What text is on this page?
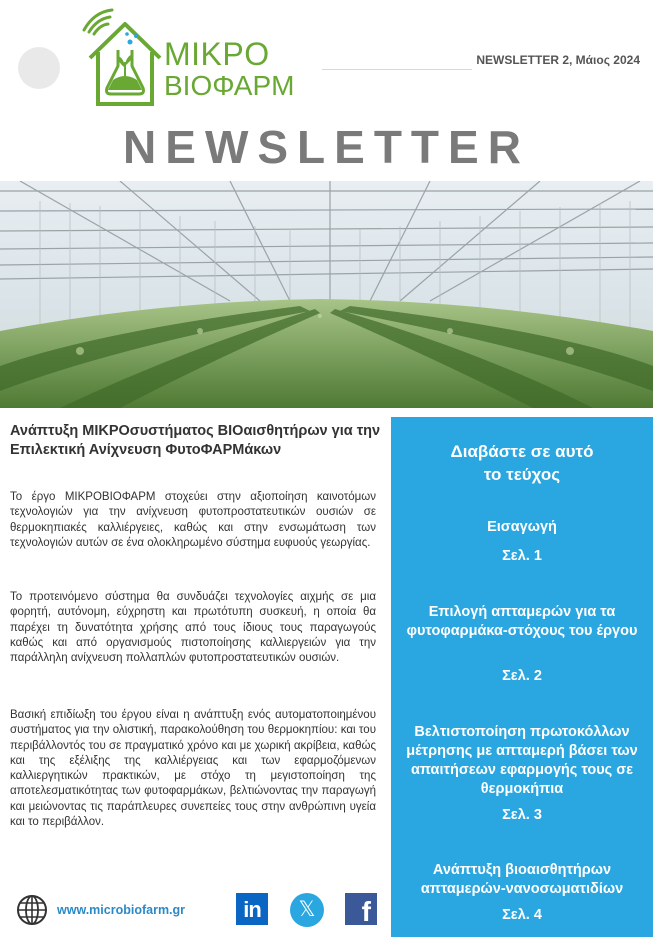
ΜΙΚΡΟ
ΒΙΟΦΑΡΜ
NEWSLETTER 2, Μάιος 2024
NEWSLETTER
Ανάπτυξη ΜΙΚΡΟσυστήματος ΒΙΟαισθητήρων για την Επιλεκτική Ανίχνευση ΦυτοΦΑΡΜάκων

Το έργο ΜΙΚΡΟΒΙΟΦΑΡΜ στοχεύει στην αξιοποίηση καινοτόμων τεχνολογιών για την ανίχνευση φυτοπροστατευτικών ουσιών σε θερμοκηπιακές καλλιέργειες, καθώς και στην ενσωμάτωση των τεχνολογιών αυτών σε ένα ολοκληρωμένο σύστημα ευφυούς γεωργίας.

Το προτεινόμενο σύστημα θα συνδυάζει τεχνολογίες αιχμής σε μια φορητή, αυτόνομη, εύχρηστη και πρωτότυπη συσκευή, η οποία θα παρέχει τη δυνατότητα χρήσης από τους ίδιους τους παραγωγούς καθώς και από οργανισμούς πιστοποίησης καλλιεργειών για την παράλληλη ανίχνευση πολλαπλών φυτοπροστατευτικών ουσιών.

Βασική επιδίωξη του έργου είναι η ανάπτυξη ενός αυτοματοποιημένου συστήματος για την ολιστική, παρακολούθηση του θερμοκηπίου: και του περιβάλλοντός του σε πραγματικό χρόνο και με χωρική ακρίβεια, καθώς και της εξέλιξης της καλλιέργειας και των εφαρμοζόμενων καλλιεργητικών πρακτικών, με στόχο τη μεγιστοποίηση της αποτελεσματικότητας των φυτοφαρμάκων, βελτιώνοντας την παραγωγή και μειώνοντας τις παράπλευρες συνεπείες τους στην ανθρώπινη υγεία και το περιβάλλον.

Διαβάστε σε αυτό
το τεύχος
Εισαγωγή
Σελ. 1
Επιλογή απταμερών για τα φυτοφαρμάκα-στόχους του έργου
Σελ. 2
Βελτιστοποίηση πρωτοκόλλων μέτρησης με απταμερή βάσει των απαιτήσεων εφαρμογής τους σε θερμοκήπια
Σελ. 3
Ανάπτυξη βιοαισθητήρων απταμερών-νανοσωματιδίων
Σελ. 4
www.microbiofarm.gr	in	𝕏	f
